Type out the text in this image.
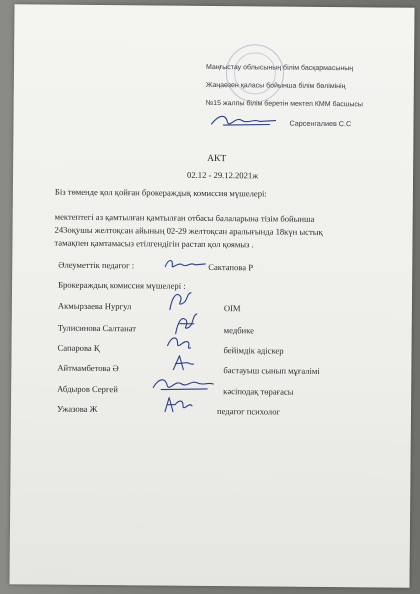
Маңғыстау облысының білім басқармасының
Жаңаөзен қаласы бойынша білім бөлімінің
№15 жалпы білім беретін мектеп КММ басшысы
Сарсенгалиев С.С
АКТ
02.12 - 29.12.2021ж
Біз төменде қол қойған брокераждық комиссия мүшелері:
мектептегі аз қамтылған қамтылған отбасы балаларына тізім бойынша
243оқушы желтоқсан айының 02-29 желтоқсан аралығында 18күн ыстық
тамақпен қамтамасыз етілгендігін растап қол қоямыз .
Әлеуметтік педагог :	Сактапова Р
Брокераждық комиссия мүшелері :
Акмырзаева Нургул	ОІМ
Тулисинова Салтанат	медбике
Сапарова Қ	бейімдік әдіскер
Айтмамбетова Ә	бастауыш сынып мұғалімі
Абдыров Сергей	кәсіподақ төрағасы
Ужазова Ж	педагог психолог
